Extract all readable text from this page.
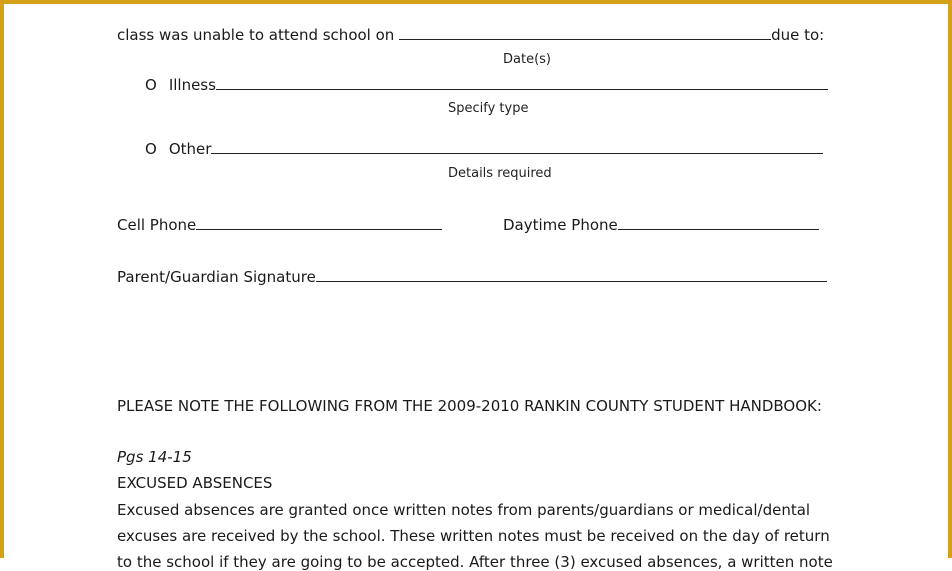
class was unable to attend school on	due to:
Date(s)
O Illness
Specify type
O Other
Details required
Cell Phone	Daytime Phone
Parent/Guardian Signature
PLEASE NOTE THE FOLLOWING FROM THE 2009-2010 RANKIN COUNTY STUDENT HANDBOOK:
Pgs 14-15
EXCUSED ABSENCES
Excused absences are granted once written notes from parents/guardians or medical/dental
excuses are received by the school. These written notes must be received on the day of return
to the school if they are going to be accepted. After three (3) excused absences, a written note
